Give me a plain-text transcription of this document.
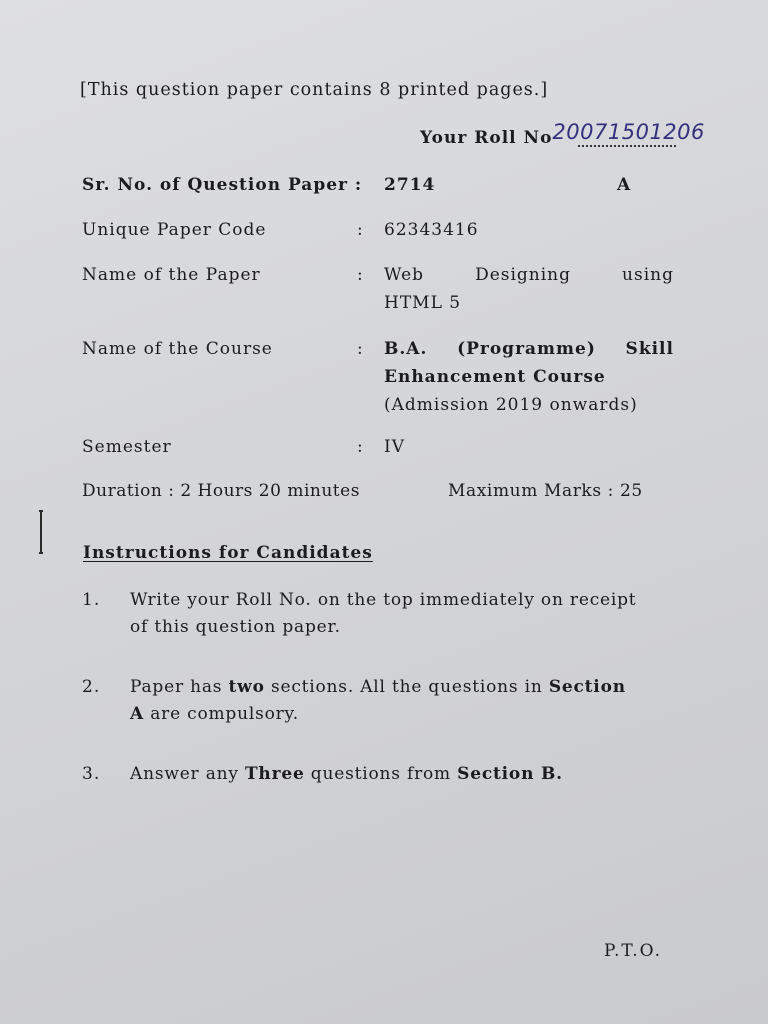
[This question paper contains 8 printed pages.]
Your Roll No20071501206
Sr. No. of Question Paper : 2714	A
Unique Paper Code	: 62343416
Name of the Paper	: Web	Designing	using
HTML 5
Name of the Course	: B.A. (Programme) Skill
Enhancement Course
(Admission 2019 onwards)
Semester	: IV
Duration : 2 Hours 20 minutes	Maximum Marks : 25
Instructions for Candidates
1. Write your Roll No. on the top immediately on receipt
of this question paper.
2. Paper has two sections. All the questions in Section
A are compulsory.
3. Answer any Three questions from Section B.
P.T.O.
